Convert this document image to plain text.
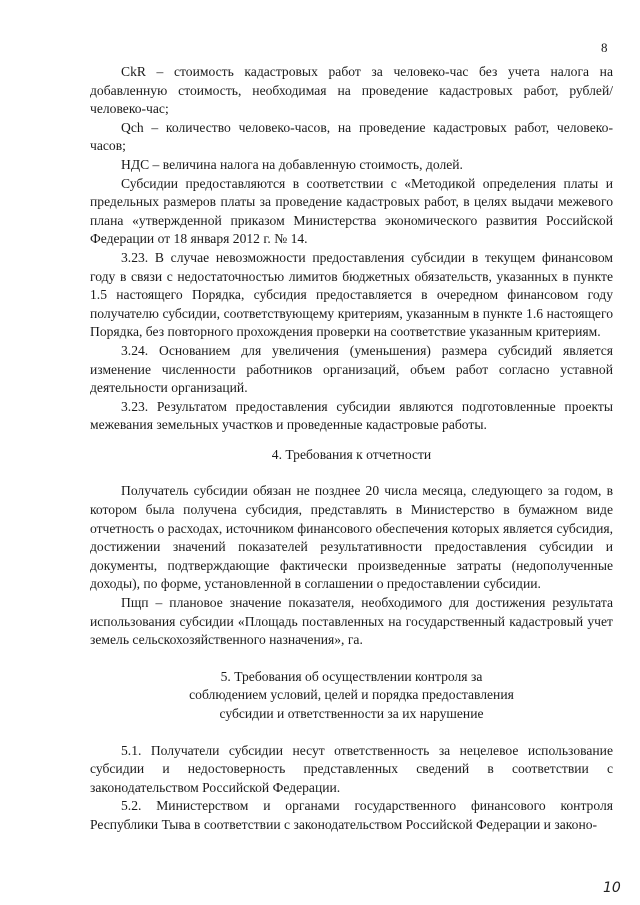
8

CkR – стоимость кадастровых работ за человеко-час без учета налога на добавленную стоимость, необходимая на проведение кадастровых работ, рублей/человеко-час;

Qch – количество человеко-часов, на проведение кадастровых работ, человеко-часов;

НДС – величина налога на добавленную стоимость, долей.

Субсидии предоставляются в соответствии с «Методикой определения платы и предельных размеров платы за проведение кадастровых работ, в целях выдачи межевого плана «утвержденной приказом Министерства экономического развития Российской Федерации от 18 января 2012 г. № 14.

3.23. В случае невозможности предоставления субсидии в текущем финансовом году в связи с недостаточностью лимитов бюджетных обязательств, указанных в пункте 1.5 настоящего Порядка, субсидия предоставляется в очередном финансовом году получателю субсидии, соответствующему критериям, указанным в пункте 1.6 настоящего Порядка, без повторного прохождения проверки на соответствие указанным критериям.

3.24. Основанием для увеличения (уменьшения) размера субсидий является изменение численности работников организаций, объем работ согласно уставной деятельности организаций.

3.23. Результатом предоставления субсидии являются подготовленные проекты межевания земельных участков и проведенные кадастровые работы.

4. Требования к отчетности

Получатель субсидии обязан не позднее 20 числа месяца, следующего за годом, в котором была получена субсидия, представлять в Министерство в бумажном виде отчетность о расходах, источником финансового обеспечения которых является субсидия, достижении значений показателей результативности предоставления субсидии и документы, подтверждающие фактически произведенные затраты (недополученные доходы), по форме, установленной в соглашении о предоставлении субсидии.

Пщп – плановое значение показателя, необходимого для достижения результата использования субсидии «Площадь поставленных на государственный кадастровый учет земель сельскохозяйственного назначения», га.

5. Требования об осуществлении контроля за

соблюдением условий, целей и порядка предоставления

субсидии и ответственности за их нарушение

5.1. Получатели субсидии несут ответственность за нецелевое использование субсидии и недостоверность представленных сведений в соответствии с законодательством Российской Федерации.

5.2. Министерством и органами государственного финансового контроля Республики Тыва в соответствии с законодательством Российской Федерации и законо-

10
